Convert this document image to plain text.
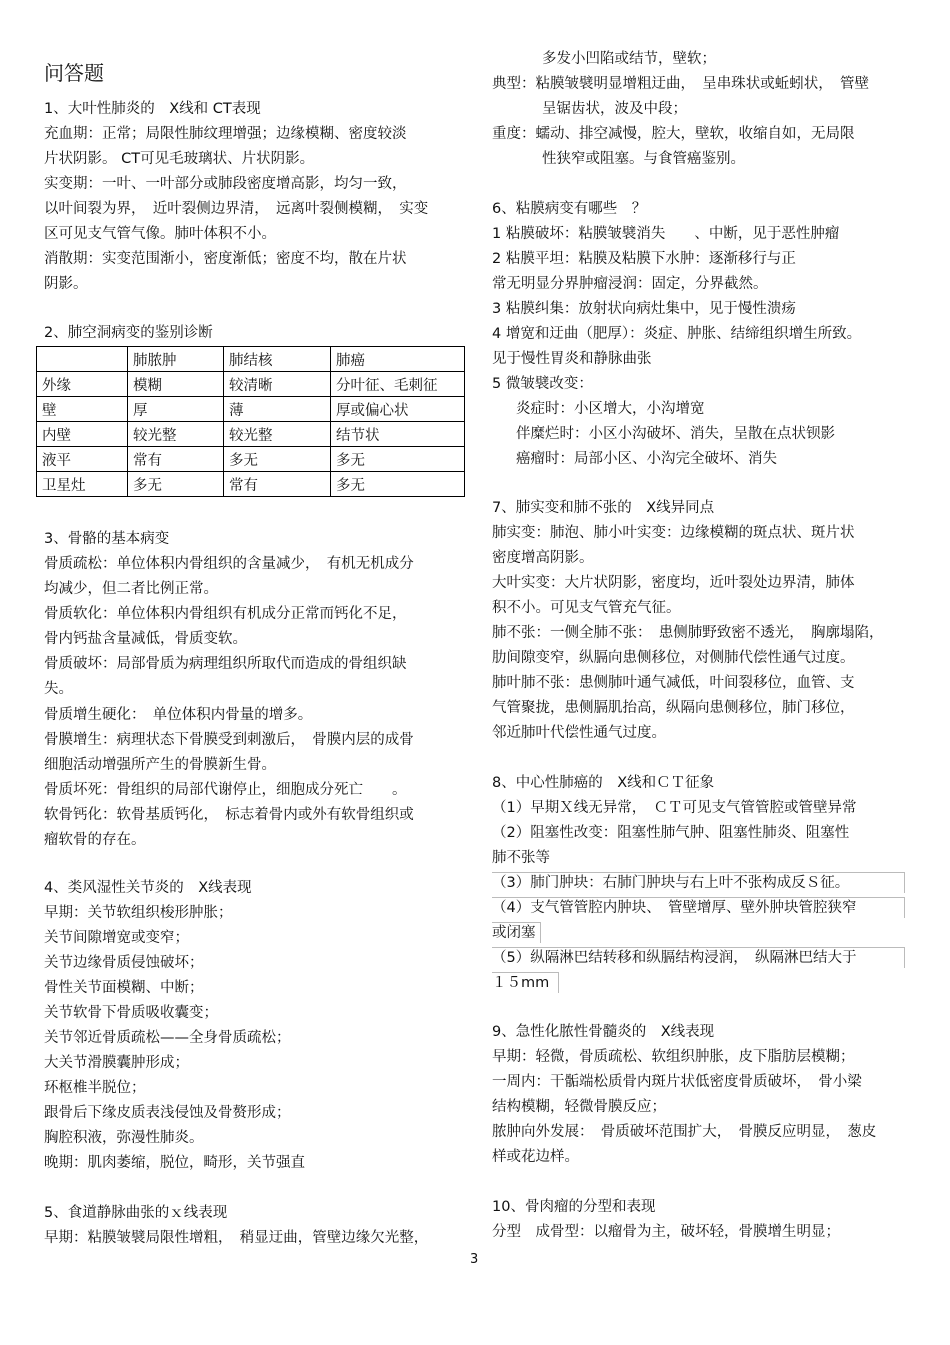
问答题
1、大叶性肺炎的　X线和 CT表现
充血期：正常；局限性肺纹理增强；边缘模糊、密度较淡
片状阴影。 CT可见毛玻璃状、片状阴影。
实变期：一叶、一叶部分或肺段密度增高影，均匀一致，
以叶间裂为界，　近叶裂侧边界清，　远离叶裂侧模糊，　实变
区可见支气管气像。肺叶体积不小。
消散期：实变范围渐小，密度渐低；密度不均，散在片状
阴影。
2、肺空洞病变的鉴别诊断
3、骨骼的基本病变
骨质疏松：单位体积内骨组织的含量减少，　有机无机成分
均减少，但二者比例正常。
骨质软化：单位体积内骨组织有机成分正常而钙化不足，
骨内钙盐含量减低，骨质变软。
骨质破坏：局部骨质为病理组织所取代而造成的骨组织缺
失。
骨质增生硬化：　单位体积内骨量的增多。
骨膜增生：病理状态下骨膜受到刺激后，　骨膜内层的成骨
细胞活动增强所产生的骨膜新生骨。
骨质坏死：骨组织的局部代谢停止，细胞成分死亡　　。
软骨钙化：软骨基质钙化，　标志着骨内或外有软骨组织或
瘤软骨的存在。
4、类风湿性关节炎的　X线表现
早期：关节软组织梭形肿胀；
关节间隙增宽或变窄；
关节边缘骨质侵蚀破坏；
骨性关节面模糊、中断；
关节软骨下骨质吸收囊变；
关节邻近骨质疏松——全身骨质疏松；
大关节滑膜囊肿形成；
环枢椎半脱位；
跟骨后下缘皮质表浅侵蚀及骨赘形成；
胸腔积液，弥漫性肺炎。
晚期：肌肉萎缩，脱位，畸形，关节强直
5、食道静脉曲张的ｘ线表现
早期：粘膜皱襞局限性增粗，　稍显迂曲，管壁边缘欠光整，
	肺脓肿	肺结核	肺癌
外缘	模糊	较清晰	分叶征、毛刺征
壁	厚	薄	厚或偏心状
内壁	较光整	较光整	结节状
液平	常有	多无	多无
卫星灶	多无	常有	多无
多发小凹陷或结节，壁软；
典型：粘膜皱襞明显增粗迂曲，　呈串珠状或蚯蚓状，　管壁
呈锯齿状，波及中段；
重度：蠕动、排空减慢，腔大，壁软，收缩自如，无局限
性狭窄或阻塞。与食管癌鉴别。
6、粘膜病变有哪些　？
1 粘膜破坏：粘膜皱襞消失　　、中断，见于恶性肿瘤
2 粘膜平坦：粘膜及粘膜下水肿：逐渐移行与正
常无明显分界肿瘤浸润：固定，分界截然。
3 粘膜纠集：放射状向病灶集中，见于慢性溃疡
4 增宽和迂曲（肥厚）：炎症、肿胀、结缔组织增生所致。
见于慢性胃炎和静脉曲张
5 微皱襞改变：
炎症时：小区增大，小沟增宽
伴糜烂时：小区小沟破坏、消失，呈散在点状钡影
癌瘤时：局部小区、小沟完全破坏、消失
7、肺实变和肺不张的　X线异同点
肺实变：肺泡、肺小叶实变：边缘模糊的斑点状、斑片状
密度增高阴影。
大叶实变：大片状阴影，密度均，近叶裂处边界清，肺体
积不小。可见支气管充气征。
肺不张：一侧全肺不张：　患侧肺野致密不透光，　胸廓塌陷，
肋间隙变窄，纵膈向患侧移位，对侧肺代偿性通气过度。
肺叶肺不张：患侧肺叶通气减低，叶间裂移位，血管、支
气管聚拢，患侧膈肌抬高，纵隔向患侧移位，肺门移位，
邻近肺叶代偿性通气过度。
8、中心性肺癌的　X线和ＣＴ征象
（1）早期Ｘ线无异常，　ＣＴ可见支气管管腔或管壁异常
（2）阻塞性改变：阻塞性肺气肿、阻塞性肺炎、阻塞性
肺不张等
（3）肺门肿块：右肺门肿块与右上叶不张构成反Ｓ征。
（4）支气管管腔内肿块、　管壁增厚、壁外肿块管腔狭窄
或闭塞
（5）纵隔淋巴结转移和纵膈结构浸润，　纵隔淋巴结大于
１５mm
9、急性化脓性骨髓炎的　X线表现
早期：轻微，骨质疏松、软组织肿胀，皮下脂肪层模糊；
一周内：干骺端松质骨内斑片状低密度骨质破坏，　骨小梁
结构模糊，轻微骨膜反应；
脓肿向外发展：　骨质破坏范围扩大，　骨膜反应明显，　葱皮
样或花边样。
10、骨肉瘤的分型和表现
分型　成骨型：以瘤骨为主，破坏轻，骨膜增生明显；
3
